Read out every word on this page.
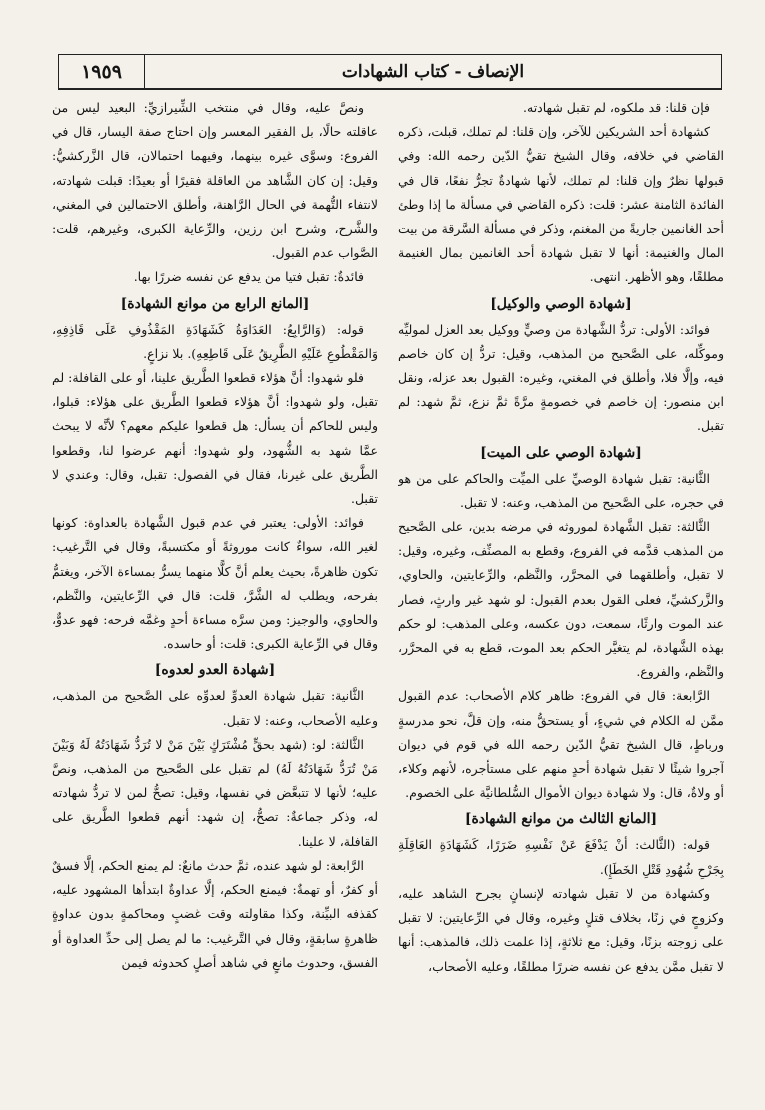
١٩٥٩	الإنصاف - كتاب الشهادات

فإن قلنا: قد ملكوه، لم تقبل شهادته.

كشهادة أحد الشريكين للآخر، وإن قلنا: لم تملك، قبلت، ذكره القاضي في خلافه، وقال الشيخ تقيُّ الدّين رحمه الله: وفي قبولها نظرٌ وإن قلنا: لم تملك، لأنها شهادةٌ تجرُّ نفعًا، قال في الفائدة الثامنة عشر: قلت: ذكره القاضي في مسألة ما إذا وطئ أحد الغانمين جاريةً من المغنم، وذكر في مسألة السَّرقة من بيت المال والغنيمة: أنها لا تقبل شهادة أحد الغانمين بمال الغنيمة مطلقًا، وهو الأظهر. انتهى.

[شهادة الوصي والوكيل]

فوائد: الأولى: تردُّ الشَّهادة من وصيٍّ ووكيل بعد العزل لموليِّه وموكِّله، على الصَّحيح من المذهب، وقيل: تردُّ إن كان خاصم فيه، وإلَّا فلا، وأطلق في المغني، وغيره: القبول بعد عزله، ونقل ابن منصور: إن خاصم في خصومةٍ مرَّةً ثمَّ نزع، ثمَّ شهد: لم تقبل.

[شهادة الوصي على الميت]

الثَّانية: تقبل شهادة الوصيِّ على الميِّت والحاكم على من هو في حجره، على الصَّحيح من المذهب، وعنه: لا تقبل.

الثَّالثة: تقبل الشَّهادة لموروثه في مرضه بدين، على الصَّحيح من المذهب قدَّمه في الفروع، وقطع به المصنِّف، وغيره، وقيل: لا تقبل، وأطلقهما في المحرَّر، والنَّظم، والرِّعايتين، والحاوي، والزَّركشيِّ، فعلى القول بعدم القبول: لو شهد غير وارثٍ، فصار عند الموت وارثًا، سمعت، دون عكسه، وعلى المذهب: لو حكم بهذه الشَّهادة، لم يتغيَّر الحكم بعد الموت، قطع به في المحرَّر، والنَّظم، والفروع.

الرَّابعة: قال في الفروع: ظاهر كلام الأصحاب: عدم القبول ممَّن له الكلام في شيءٍ، أو يستحقُّ منه، وإن قلَّ، نحو مدرسةٍ ورباطٍ، قال الشيخ تقيُّ الدّين رحمه الله في قوم في ديوان آجروا شيئًا لا تقبل شهادة أحدٍ منهم على مستأجره، لأنهم وكلاء، أو ولاةٌ، قال: ولا شهادة ديوان الأموال السُّلطانيَّة على الخصوم.

[المانع الثالث من موانع الشهادة]

قوله: (الثَّالث: أنْ يَدْفَعَ عَنْ نَفْسِهِ ضَرَرًا، كَشَهَادَةِ العَاقِلَةِ بِجَرْحِ شُهُودِ قَتْلِ الخَطَإِ).

وكشهادة من لا تقبل شهادته لإنسانٍ بجرح الشاهد عليه، وكزوجٍ في زنًا، بخلاف قتلٍ وغيره، وقال في الرِّعايتين: لا تقبل على زوجته بزنًا، وقيل: مع ثلاثةٍ، إذا علمت ذلك، فالمذهب: أنها لا تقبل ممَّن يدفع عن نفسه ضررًا مطلقًا، وعليه الأصحاب،

ونصَّ عليه، وقال في منتخب الشِّيرازيِّ: البعيد ليس من عاقلته حالًا، بل الفقير المعسر وإن احتاج صفة اليسار، قال في الفروع: وسوَّى غيره بينهما، وفيهما احتمالان، قال الزَّركشيُّ: وقيل: إن كان الشَّاهد من العاقلة فقيرًا أو بعيدًا: قبلت شهادته، لانتفاء التُّهمة في الحال الرَّاهنة، وأطلق الاحتمالين في المغني، والشَّرح، وشرح ابن رزين، والرِّعاية الكبرى، وغيرهم، قلت: الصَّواب عدم القبول.

فائدةٌ: تقبل فتيا من يدفع عن نفسه ضررًا بها.

[المانع الرابع من موانع الشهادة]

قوله: (وَالرَّابِعُ: العَدَاوَةُ كَشَهَادَةِ المَقْذُوفِ عَلَى قَاذِفِهِ، وَالمَقْطُوعِ عَلَيْهِ الطَّرِيقُ عَلَى قَاطِعِهِ). بلا نزاعٍ.

فلو شهدوا: أنَّ هؤلاء قطعوا الطَّريق علينا، أو على القافلة: لم تقبل، ولو شهدوا: أنَّ هؤلاء قطعوا الطَّريق على هؤلاء: قبلوا، وليس للحاكم أن يسأل: هل قطعوا عليكم معهم؟ لأنَّه لا يبحث عمَّا شهد به الشُّهود، ولو شهدوا: أنهم عرضوا لنا، وقطعوا الطَّريق على غيرنا، فقال في الفصول: تقبل، وقال: وعندي لا تقبل.

فوائد: الأولى: يعتبر في عدم قبول الشَّهادة بالعداوة: كونها لغير الله، سواءٌ كانت موروثةً أو مكتسبةً، وقال في التَّرغيب: تكون ظاهرةً، بحيث يعلم أنَّ كلًّا منهما يسرُّ بمساءة الآخر، ويغتمُّ بفرحه، ويطلب له الشَّرَّ، قلت: قال في الرِّعايتين، والنَّظم، والحاوي، والوجيز: ومن سرَّه مساءة أحدٍ وغمَّه فرحه: فهو عدوٌّ، وقال في الرِّعاية الكبرى: قلت: أو حاسده.

[شهادة العدو لعدوه]

الثَّانية: تقبل شهادة العدوِّ لعدوِّه على الصَّحيح من المذهب، وعليه الأصحاب، وعنه: لا تقبل.

الثَّالثة: لو: (شهد بحقٍّ مُشْتَرَكٍ بَيْنَ مَنْ لا تُرَدُّ شَهَادَتُهُ لَهُ وَبَيْنَ مَنْ تُرَدُّ شَهَادَتُهُ لَهُ) لم تقبل على الصَّحيح من المذهب، ونصَّ عليه؛ لأنها لا تتبعَّض في نفسها، وقيل: تصحُّ لمن لا تردُّ شهادته له، وذكر جماعةٌ: تصحُّ، إن شهد: أنهم قطعوا الطَّريق على القافلة، لا علينا.

الرَّابعة: لو شهد عنده، ثمَّ حدث مانعٌ: لم يمنع الحكم، إلَّا فسقٌ أو كفرٌ، أو تهمةٌ: فيمنع الحكم، إلَّا عداوةٌ ابتدأها المشهود عليه، كقذفه البيِّنة، وكذا مقاولته وقت غضبٍ ومحاكمةٍ بدون عداوةٍ ظاهرةٍ سابقةٍ، وقال في التَّرغيب: ما لم يصل إلى حدِّ العداوة أو الفسق، وحدوث مانعٍ في شاهد أصلٍ كحدوثه فيمن
